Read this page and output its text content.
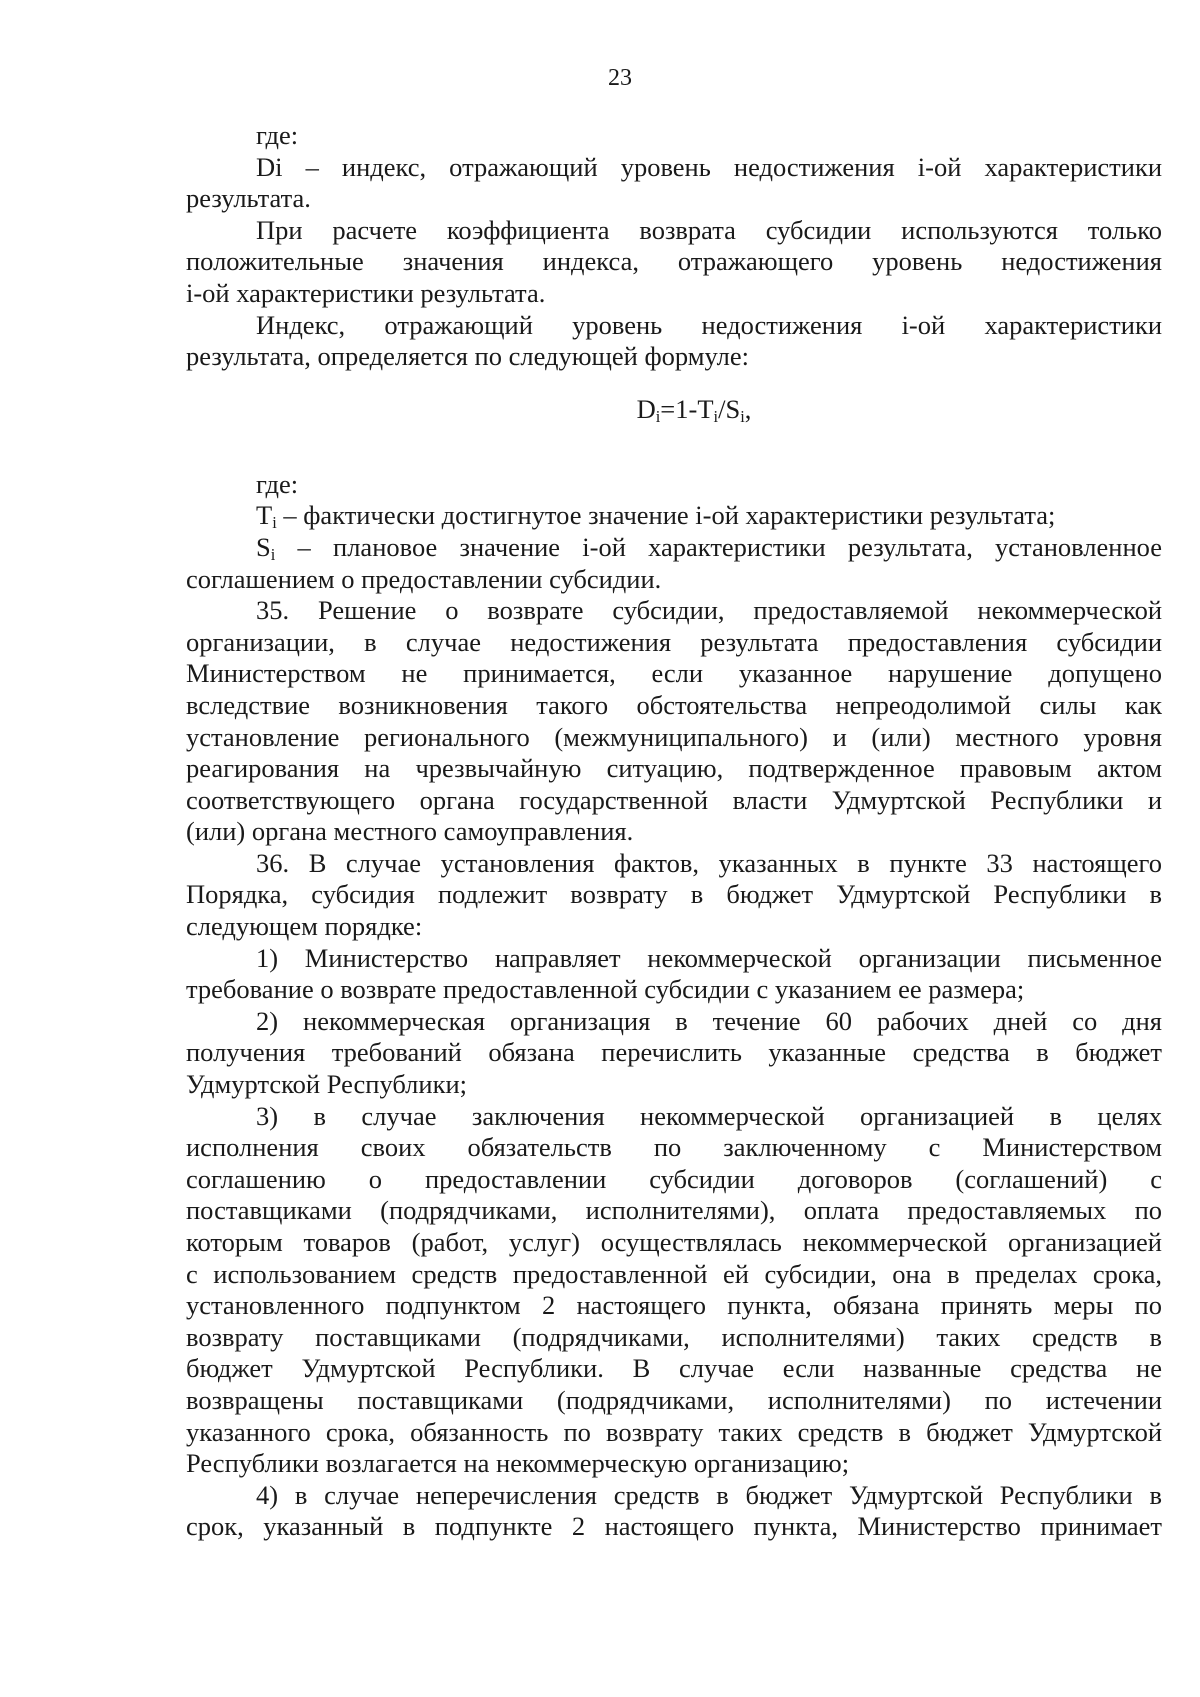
23
где:
Di – индекс, отражающий уровень недостижения i-ой характеристики
результата.
При расчете коэффициента возврата субсидии используются только
положительные значения индекса, отражающего уровень недостижения
i-ой характеристики результата.
Индекс, отражающий уровень недостижения i-ой характеристики
результата, определяется по следующей формуле:
$D_i=1-T_i/S_i$,
где:
$T_i$ – фактически достигнутое значение i-ой характеристики результата;
$S_i$ – плановое значение i-ой характеристики результата, установленное
соглашением о предоставлении субсидии.
35. Решение о возврате субсидии, предоставляемой некоммерческой
организации, в случае недостижения результата предоставления субсидии
Министерством не принимается, если указанное нарушение допущено
вследствие возникновения такого обстоятельства непреодолимой силы как
установление регионального (межмуниципального) и (или) местного уровня
реагирования на чрезвычайную ситуацию, подтвержденное правовым актом
соответствующего органа государственной власти Удмуртской Республики и
(или) органа местного самоуправления.
36. В случае установления фактов, указанных в пункте 33 настоящего
Порядка, субсидия подлежит возврату в бюджет Удмуртской Республики в
следующем порядке:
1) Министерство направляет некоммерческой организации письменное
требование о возврате предоставленной субсидии с указанием ее размера;
2) некоммерческая организация в течение 60 рабочих дней со дня
получения требований обязана перечислить указанные средства в бюджет
Удмуртской Республики;
3) в случае заключения некоммерческой организацией в целях
исполнения своих обязательств по заключенному с Министерством
соглашению о предоставлении субсидии договоров (соглашений) с
поставщиками (подрядчиками, исполнителями), оплата предоставляемых по
которым товаров (работ, услуг) осуществлялась некоммерческой организацией
с использованием средств предоставленной ей субсидии, она в пределах срока,
установленного подпунктом 2 настоящего пункта, обязана принять меры по
возврату поставщиками (подрядчиками, исполнителями) таких средств в
бюджет Удмуртской Республики. В случае если названные средства не
возвращены поставщиками (подрядчиками, исполнителями) по истечении
указанного срока, обязанность по возврату таких средств в бюджет Удмуртской
Республики возлагается на некоммерческую организацию;
4) в случае неперечисления средств в бюджет Удмуртской Республики в
срок, указанный в подпункте 2 настоящего пункта, Министерство принимает
